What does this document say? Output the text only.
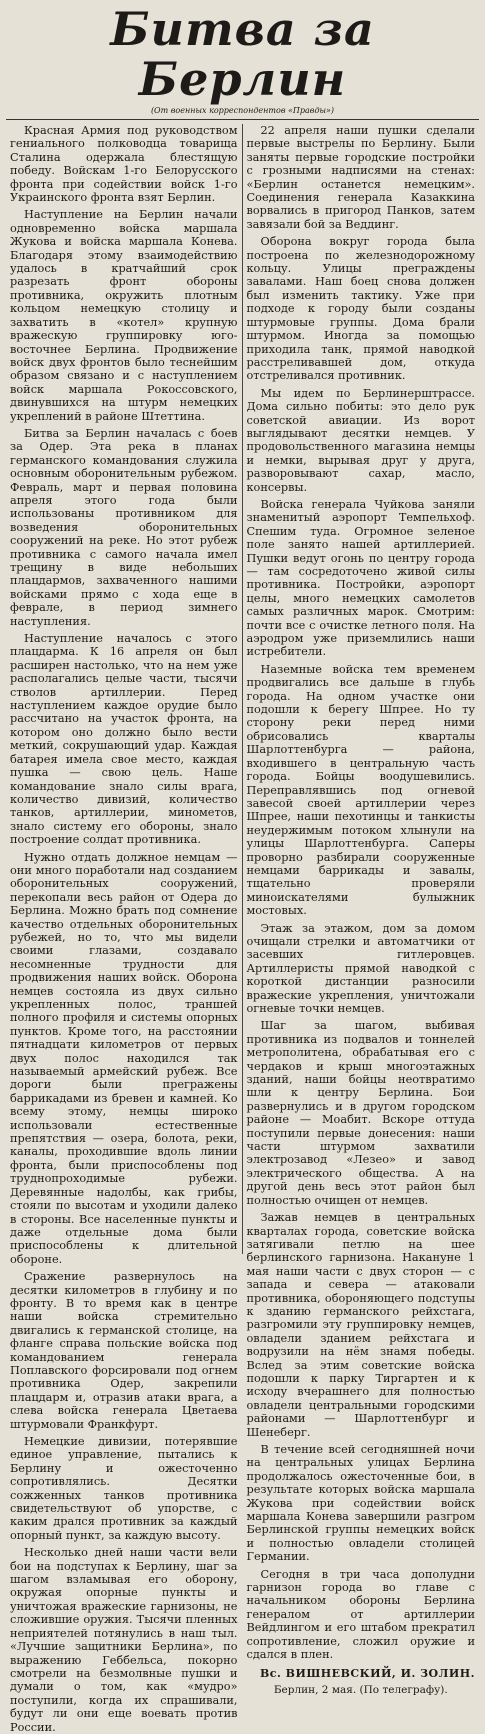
Битва за Берлин
(От военных корреспондентов «Правды»)

Красная Армия под руководством гениального полководца товарища Сталина одержала блестящую победу. Войскам 1-го Белорусского фронта при содействии войск 1-го Украинского фронта взят Берлин.

Наступление на Берлин начали одновременно войска маршала Жукова и войска маршала Конева. Благодаря этому взаимодействию удалось в кратчайший срок разрезать фронт обороны противника, окружить плотным кольцом немецкую столицу и захватить в «котел» крупную вражескую группировку юго-восточнее Берлина. Продвижение войск двух фронтов было теснейшим образом связано и с наступлением войск маршала Рокоссовского, двинувшихся на штурм немецких укреплений в районе Штеттина.

Битва за Берлин началась с боев за Одер. Эта река в планах германского командования служила основным оборонительным рубежом. Февраль, март и первая половина апреля этого года были использованы противником для возведения оборонительных сооружений на реке. Но этот рубеж противника с самого начала имел трещину в виде небольших плацдармов, захваченного нашими войсками прямо с хода еще в феврале, в период зимнего наступления.

Наступление началось с этого плацдарма. К 16 апреля он был расширен настолько, что на нем уже располагались целые части, тысячи стволов артиллерии. Перед наступлением каждое орудие было рассчитано на участок фронта, на котором оно должно было вести меткий, сокрушающий удар. Каждая батарея имела свое место, каждая пушка — свою цель. Наше командование знало силы врага, количество дивизий, количество танков, артиллерии, минометов, знало систему его обороны, знало построение солдат противника.

Нужно отдать должное немцам — они много поработали над созданием оборонительных сооружений, перекопали весь район от Одера до Берлина. Можно брать под сомнение качество отдельных оборонительных рубежей, но то, что мы видели своими глазами, создавало несомненные трудности для продвижения наших войск. Оборона немцев состояла из двух сильно укрепленных полос, траншей полного профиля и системы опорных пунктов. Кроме того, на расстоянии пятнадцати километров от первых двух полос находился так называемый армейский рубеж. Все дороги были прегражены баррикадами из бревен и камней. Ко всему этому, немцы широко использовали естественные препятствия — озера, болота, реки, каналы, проходившие вдоль линии фронта, были приспособлены под труднопроходимые рубежи. Деревянные надолбы, как грибы, стояли по высотам и уходили далеко в стороны. Все населенные пункты и даже отдельные дома были приспособлены к длительной обороне.

Сражение развернулось на десятки километров в глубину и по фронту. В то время как в центре наши войска стремительно двигались к германской столице, на фланге справа польские войска под командованием генерала Поплавского форсировали под огнем противника Одер, закрепили плацдарм и, отразив атаки врага, а слева войска генерала Цветаева штурмовали Франкфурт.

Немецкие дивизии, потерявшие единое управление, пытались к Берлину и ожесточенно сопротивлялись. Десятки сожженных танков противника свидетельствуют об упорстве, с каким дрался противник за каждый опорный пункт, за каждую высоту.

Несколько дней наши части вели бои на подступах к Берлину, шаг за шагом взламывая его оборону, окружая опорные пункты и уничтожая вражеские гарнизоны, не сложившие оружия. Тысячи пленных неприятелей потянулись в наш тыл. «Лучшие защитники Берлина», по выражению Геббельса, покорно смотрели на безмолвные пушки и думали о том, как «мудро» поступили, когда их спрашивали, будут ли они еще воевать против России.

22 апреля наши пушки сделали первые выстрелы по Берлину. Были заняты первые городские постройки с грозными надписями на стенах: «Берлин останется немецким». Соединения генерала Казаккина ворвались в пригород Панков, затем завязали бой за Веддинг.

Оборона вокруг города была построена по железнодорожному кольцу. Улицы преграждены завалами. Наш боец снова должен был изменить тактику. Уже при подходе к городу были созданы штурмовые группы. Дома брали штурмом. Иногда за помощью приходила танк, прямой наводкой расстреливавшей дом, откуда отстреливался противник.

Мы идем по Берлинерштрассе. Дома сильно побиты: это дело рук советской авиации. Из ворот выглядывают десятки немцев. У продовольственного магазина немцы и немки, вырывая друг у друга, разворовывают сахар, масло, консервы.

Войска генерала Чуйкова заняли знаменитый аэропорт Темпельхоф. Спешим туда. Огромное зеленое поле занято нашей артиллерией. Пушки ведут огонь по центру города — там сосредоточено живой силы противника. Постройки, аэропорт целы, много немецких самолетов самых различных марок. Смотрим: почти все с очистке летного поля. На аэродром уже приземлились наши истребители.

Наземные войска тем временем продвигались все дальше в глубь города. На одном участке они подошли к берегу Шпрее. Но ту сторону реки перед ними обрисовались кварталы Шарлоттенбурга — района, входившего в центральную часть города. Бойцы воодушевились. Переправлявшись под огневой завесой своей артиллерии через Шпрее, наши пехотинцы и танкисты неудержимым потоком хлынули на улицы Шарлоттенбурга. Саперы проворно разбирали сооруженные немцами баррикады и завалы, тщательно проверяли миноискателями булыжник мостовых.

Этаж за этажом, дом за домом очищали стрелки и автоматчики от засевших гитлеровцев. Артиллеристы прямой наводкой с короткой дистанции разносили вражеские укрепления, уничтожали огневые точки немцев.

Шаг за шагом, выбивая противника из подвалов и тоннелей метрополитена, обрабатывая его с чердаков и крыш многоэтажных зданий, наши бойцы неотвратимо шли к центру Берлина. Бои развернулись и в другом городском районе — Моабит. Вскоре оттуда поступили первые донесения: наши части штурмом захватили электрозавод «Лезео» и завод электрического общества. А на другой день весь этот район был полностью очищен от немцев.

Зажав немцев в центральных кварталах города, советские войска затягивали петлю на шее берлинского гарнизона. Накануне 1 мая наши части с двух сторон — с запада и севера — атаковали противника, обороняющего подступы к зданию германского рейхстага, разгромили эту группировку немцев, овладели зданием рейхстага и водрузили на нём знамя победы. Вслед за этим советские войска подошли к парку Тиргартен и к исходу вчерашнего для полностью овладели центральными городскими районами — Шарлоттенбург и Шенеберг.

В течение всей сегодняшней ночи на центральных улицах Берлина продолжалось ожесточенные бои, в результате которых войска маршала Жукова при содействии войск маршала Конева завершили разгром Берлинской группы немецких войск и полностью овладели столицей Германии.

Сегодня в три часа дополудни гарнизон города во главе с начальником обороны Берлина генералом от артиллерии Вейдлингом и его штабом прекратил сопротивление, сложил оружие и сдался в плен.

Вс. ВИШНЕВСКИЙ, И. ЗОЛИН.
Берлин, 2 мая. (По телеграфу).
